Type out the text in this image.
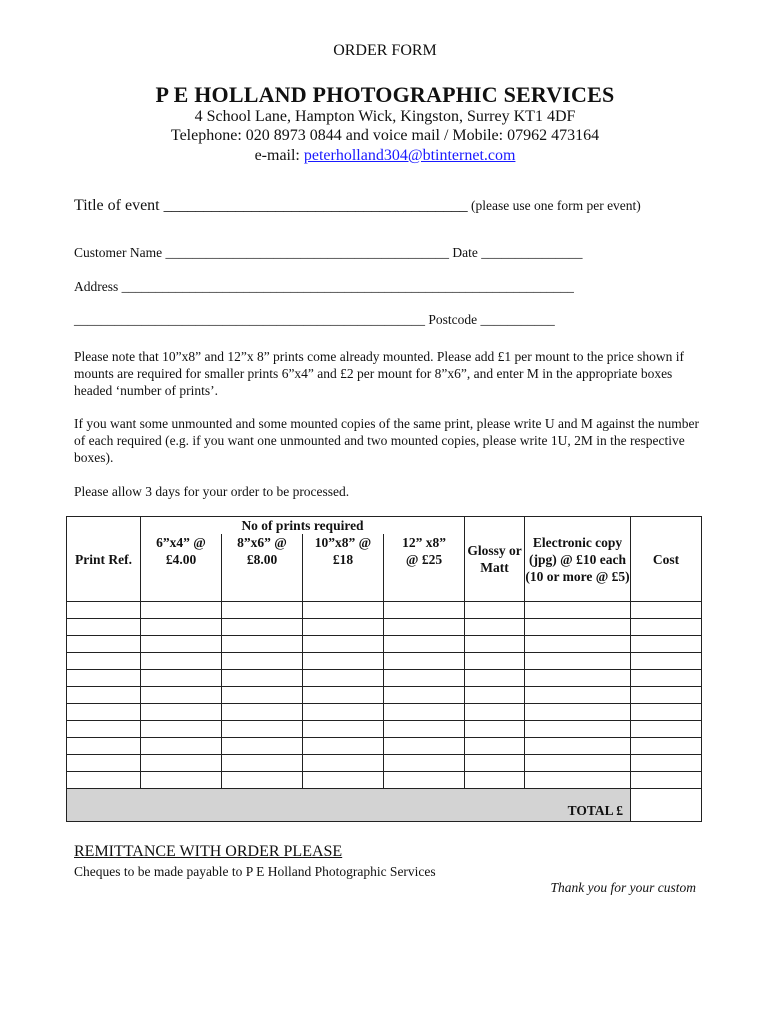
ORDER FORM
P E HOLLAND PHOTOGRAPHIC SERVICES
4 School Lane, Hampton Wick, Kingston, Surrey KT1 4DF
Telephone: 020 8973 0844 and voice mail / Mobile: 07962 473164
e-mail: peterholland304@btinternet.com
Title of event ______________________________________ (please use one form per event)
Customer Name __________________________________________ Date _______________
Address ___________________________________________________________________
____________________________________________________ Postcode ___________
Please note that 10”x8” and 12”x 8” prints come already mounted. Please add £1 per mount to the price shown if mounts are required for smaller prints 6”x4” and £2 per mount for 8”x6”, and enter M in the appropriate boxes headed ‘number of prints’.
If you want some unmounted and some mounted copies of the same print, please write U and M against the number of each required (e.g. if you want one unmounted and two mounted copies, please write 1U, 2M in the respective boxes).
Please allow 3 days for your order to be processed.
Print Ref.	No of prints required				Glossy or Matt	Electronic copy (jpg) @ £10 each (10 or more @ £5)	Cost
	6”x4” @ £4.00	8”x6” @ £8.00	10”x8” @ £18	12” x8” @ £25			

TOTAL £							

REMITTANCE WITH ORDER PLEASE
Cheques to be made payable to P E Holland Photographic Services
Thank you for your custom
